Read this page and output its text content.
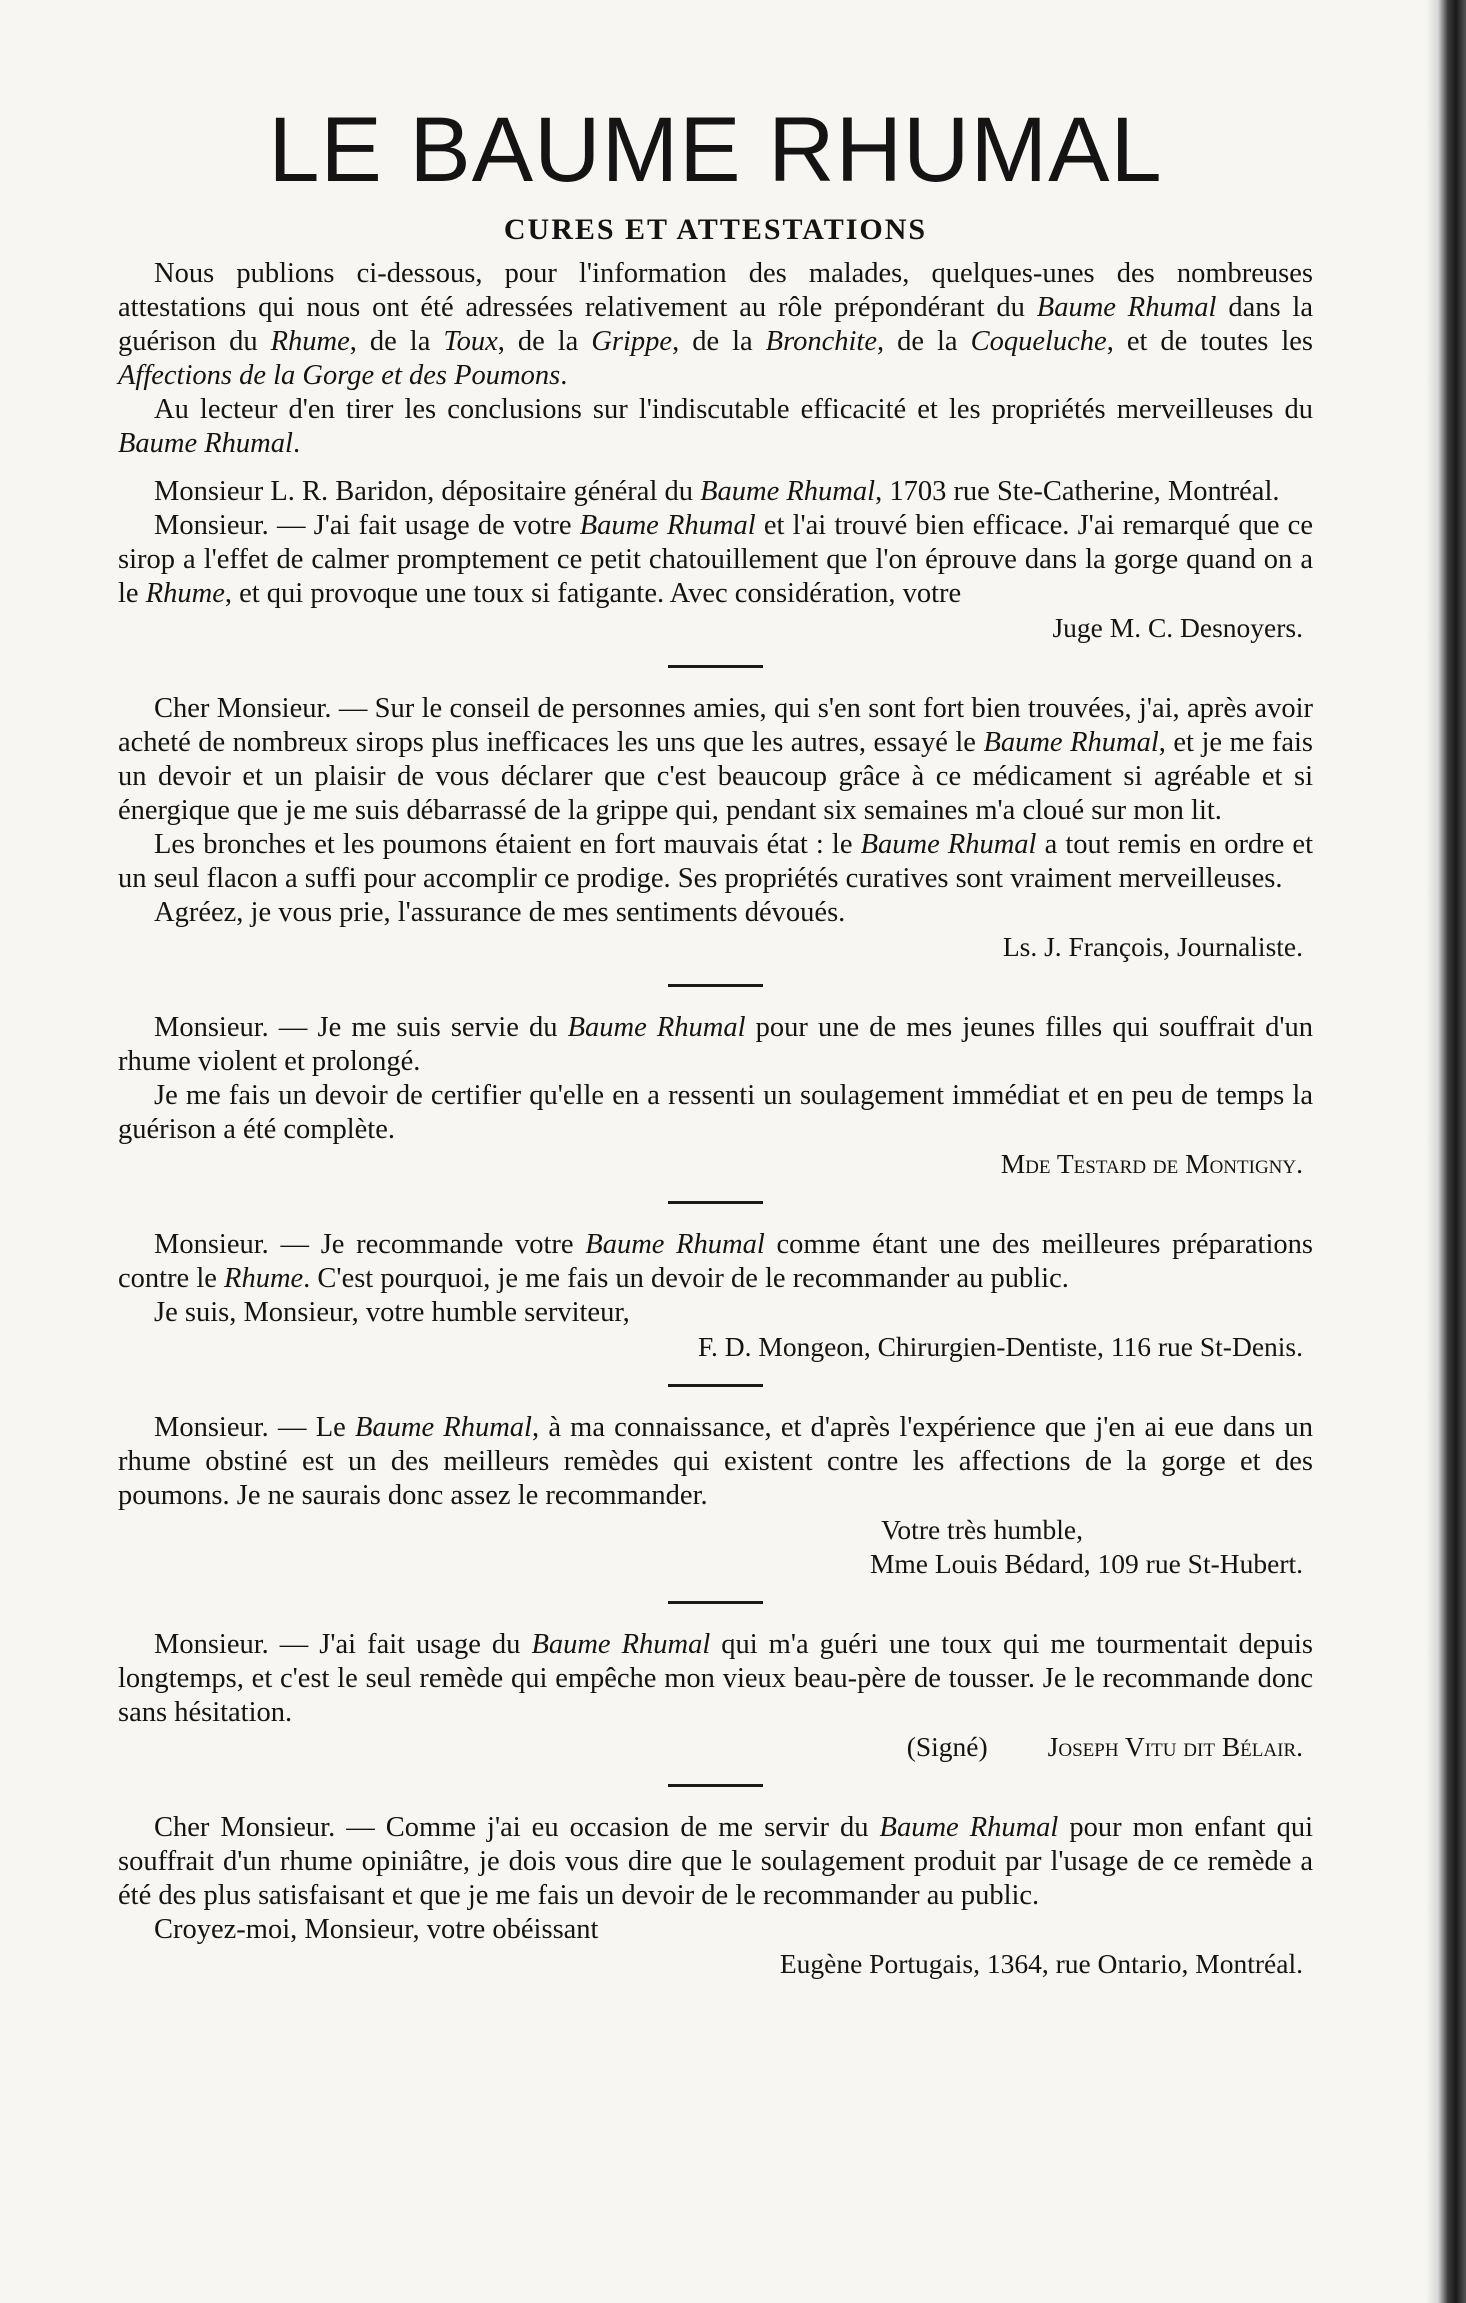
LE BAUME RHUMAL
CURES ET ATTESTATIONS

Nous publions ci-dessous, pour l'information des malades, quelques-unes des nombreuses attestations qui nous ont été adressées relativement au rôle prépondérant du Baume Rhumal dans la guérison du Rhume, de la Toux, de la Grippe, de la Bronchite, de la Coqueluche, et de toutes les Affections de la Gorge et des Poumons.

Au lecteur d'en tirer les conclusions sur l'indiscutable efficacité et les propriétés merveilleuses du Baume Rhumal.

Monsieur L. R. Baridon, dépositaire général du Baume Rhumal, 1703 rue Ste-Catherine, Montréal.

Monsieur. — J'ai fait usage de votre Baume Rhumal et l'ai trouvé bien efficace. J'ai remarqué que ce sirop a l'effet de calmer promptement ce petit chatouillement que l'on éprouve dans la gorge quand on a le Rhume, et qui provoque une toux si fatigante. Avec considération, votre

Juge M. C. Desnoyers.

Cher Monsieur. — Sur le conseil de personnes amies, qui s'en sont fort bien trouvées, j'ai, après avoir acheté de nombreux sirops plus inefficaces les uns que les autres, essayé le Baume Rhumal, et je me fais un devoir et un plaisir de vous déclarer que c'est beaucoup grâce à ce médicament si agréable et si énergique que je me suis débarrassé de la grippe qui, pendant six semaines m'a cloué sur mon lit.

Les bronches et les poumons étaient en fort mauvais état : le Baume Rhumal a tout remis en ordre et un seul flacon a suffi pour accomplir ce prodige. Ses propriétés curatives sont vraiment merveilleuses.

Agréez, je vous prie, l'assurance de mes sentiments dévoués.

Ls. J. François, Journaliste.

Monsieur. — Je me suis servie du Baume Rhumal pour une de mes jeunes filles qui souffrait d'un rhume violent et prolongé.

Je me fais un devoir de certifier qu'elle en a ressenti un soulagement immédiat et en peu de temps la guérison a été complète.

Mde Testard de Montigny.

Monsieur. — Je recommande votre Baume Rhumal comme étant une des meilleures préparations contre le Rhume. C'est pourquoi, je me fais un devoir de le recommander au public.

Je suis, Monsieur, votre humble serviteur,

F. D. Mongeon, Chirurgien-Dentiste, 116 rue St-Denis.

Monsieur. — Le Baume Rhumal, à ma connaissance, et d'après l'expérience que j'en ai eue dans un rhume obstiné est un des meilleurs remèdes qui existent contre les affections de la gorge et des poumons. Je ne saurais donc assez le recommander.

Votre très humble,
Mme Louis Bédard, 109 rue St-Hubert.

Monsieur. — J'ai fait usage du Baume Rhumal qui m'a guéri une toux qui me tourmentait depuis longtemps, et c'est le seul remède qui empêche mon vieux beau-père de tousser. Je le recommande donc sans hésitation.

(Signé) Joseph Vitu dit Bélair.

Cher Monsieur. — Comme j'ai eu occasion de me servir du Baume Rhumal pour mon enfant qui souffrait d'un rhume opiniâtre, je dois vous dire que le soulagement produit par l'usage de ce remède a été des plus satisfaisant et que je me fais un devoir de le recommander au public.

Croyez-moi, Monsieur, votre obéissant

Eugène Portugais, 1364, rue Ontario, Montréal.
